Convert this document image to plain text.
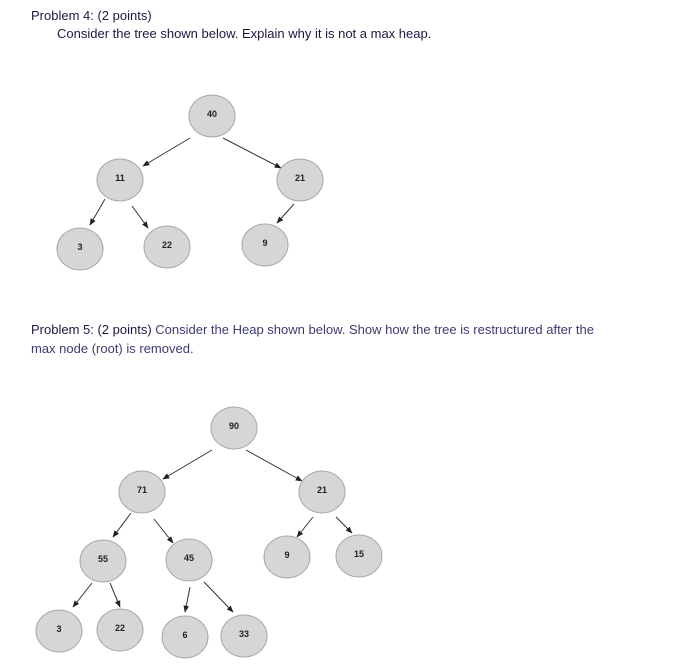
Problem 4: (2 points)
Consider the tree shown below. Explain why it is not a max heap.
Problem 5: (2 points) Consider the Heap shown below. Show how the tree is restructured after the
max node (root) is removed.
40
11	21
3	22	9
90
71	21
55	45	9	15
3	22
6	33
